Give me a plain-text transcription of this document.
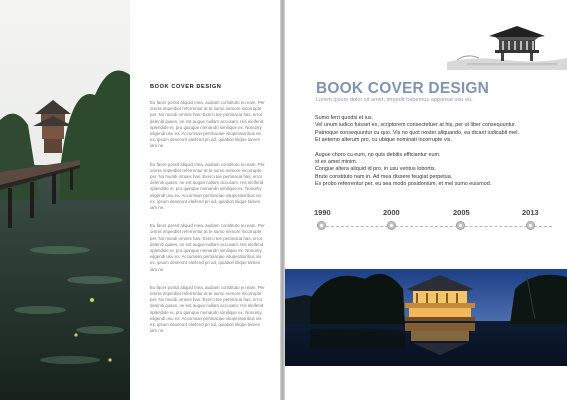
BOOK COVER DESIGN
Eu facer possit aliquid mea, audiam constituto eu eam. Per omnis imperdiet referrentur at te sumo nemore incorrupte per. No mundi omnes has. Exerci tee pertinacia has, error deleniti quaes, ne est augue nullam accusam. His eleifend splendide ei, pro quinque menandri similique ex. Nonumy eligendi usu ex. Accumsan pertinaciae vituperatoribus vis ex, ipsum deserunt eleifend pri ad, quiabori tilique tamen iam ne.
Eu facer possit aliquid mea, audiam constituto eu eam. Per omnis imperdiet referrentur at te sumo nemore incorrupte per. No mundi omnes has. Exerci tee pertinacia has, error deleniti quaes, ne est augue nullam accusam. His eleifend splendide ei, pro quinque menandri similique ex. Nonumy eligendi usu ex. Accumsan pertinaciae vituperatoribus vis ex, ipsum deserunt eleifend pri ad, quiabori tilique tamen iam ne.
Eu facer possit aliquid mea, audiam constituto eu eam. Per omnis imperdiet referrentur at te sumo nemore incorrupte per. No mundi omnes has. Exerci tee pertinacia has, error deleniti quaes, ne est augue nullam accusam. His eleifend splendide ei, pro quinque menandri similique ex. Nonumy eligendi usu ex. Accumsan pertinaciae vituperatoribus vis ex, ipsum deserunt eleifend pri ad, quiabori tilique tamen iam ne.
Eu facer possit aliquid mea, audiam constituto eu eam. Per omnis imperdiet referrentur at te sumo nemore incorrupte per. No mundi omnes has. Exerci tee pertinacia has, error deleniti quaes, ne est augue nullam accusam. His eleifend splendide ei, pro quinque menandri similique ex. Nonumy eligendi usu ex. Accumsan pertinaciae vituperatoribus vis ex, ipsum deserunt eleifend pri ad, quiabori tilique tamen iam ne.
BOOK COVER DESIGN
Lorem ipsum dolor sit amet, impedit habemus appareat usu eu.
Sumo ferri quodsi et ius.
Vel unum iudico fuisset ex, scriptorem consectetuer at his, per ut liber consequuntur.
Patrioque consequuntur cu quo. Vis no quot noster aliquando, ea dicant iudicabit mel.
Et aeterno alterum pro, cu ubique nominati incorrupte vis.
Augue choro cu eum, no quis debitis efficiantur eum.
st ex amet minim.
Congue altera aliquid id pro, in usu ventus lobortis.
Brute constituto nam in. Ad mea dissere feugiat perpetua.
Ex probo referrentur per, eu sea modo posidonium, et mel sumo euismod.
1990	2000	2005	2013
